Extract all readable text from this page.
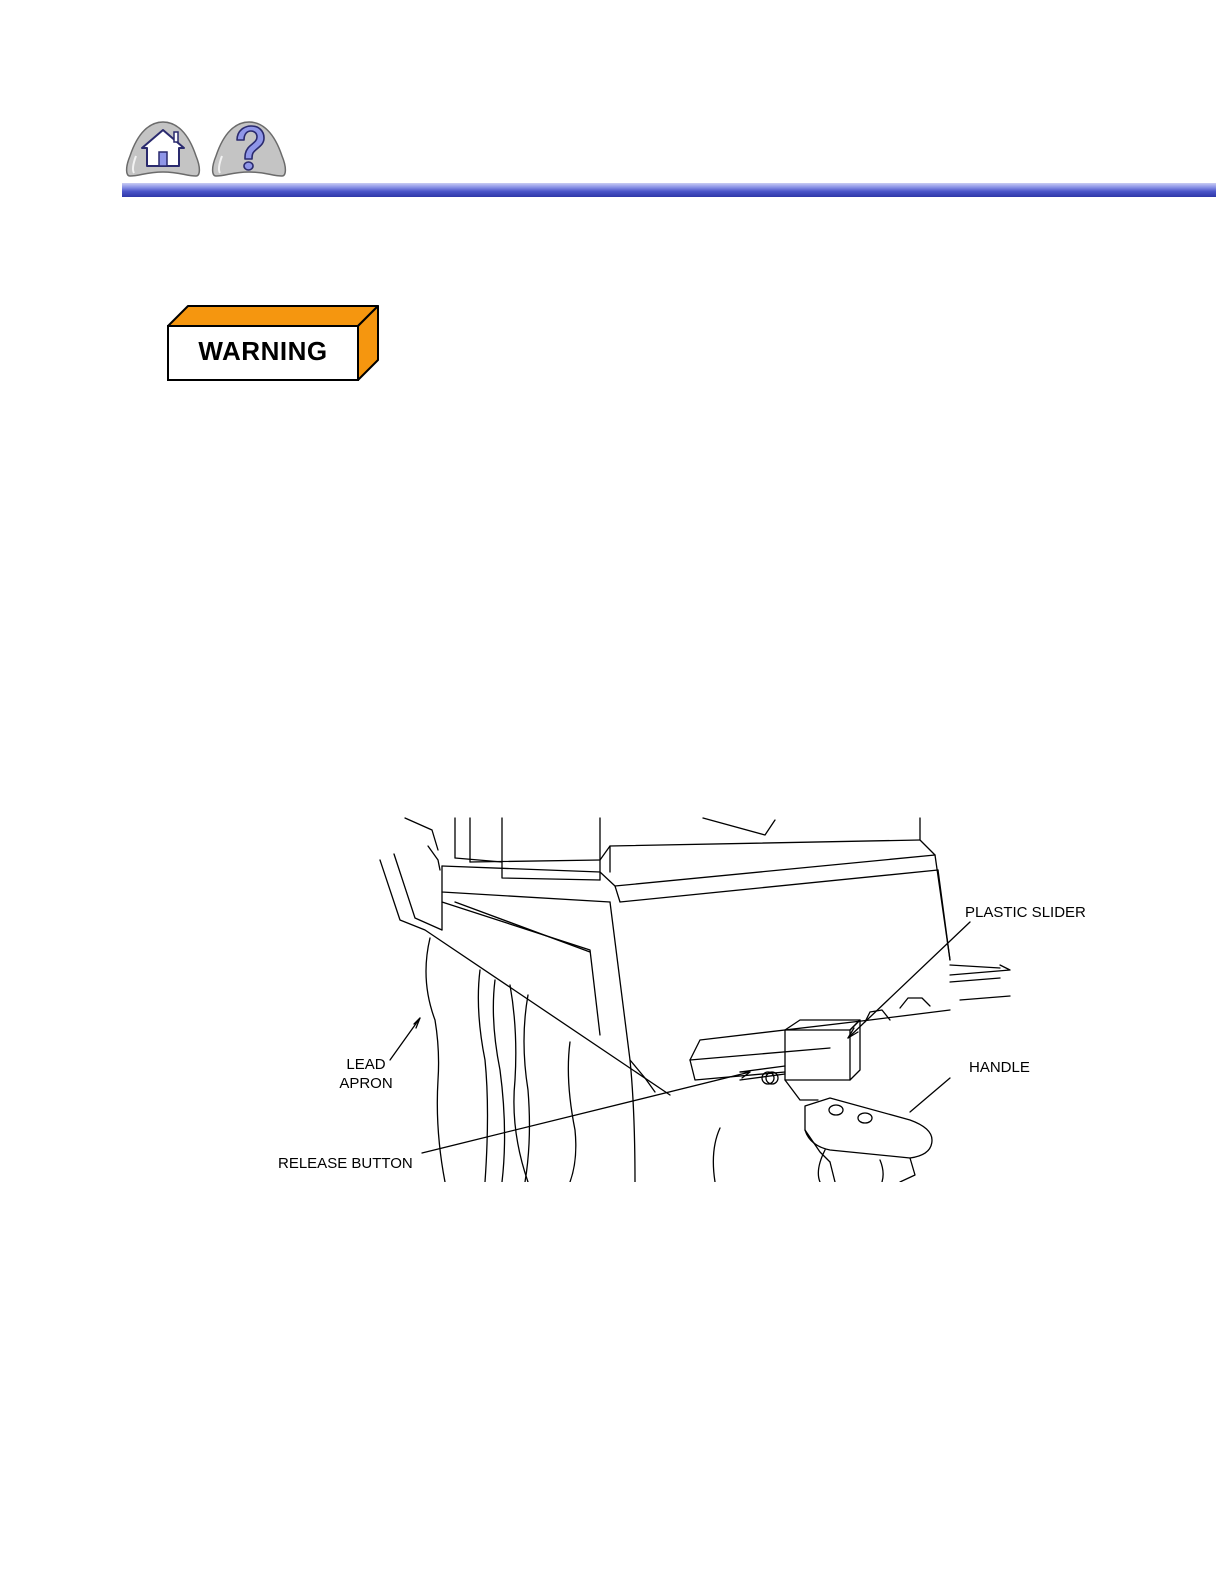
WARNING
PLASTIC SLIDER
HANDLE
LEAD
APRON
RELEASE BUTTON
